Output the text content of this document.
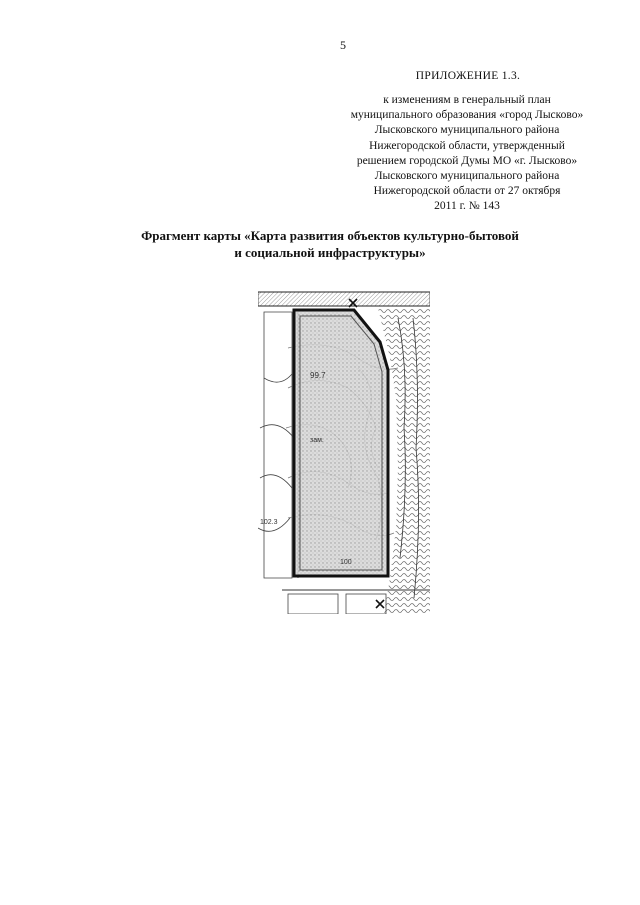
5
ПРИЛОЖЕНИЕ 1.3.
к изменениям в генеральный план
муниципального образования «город Лысково»
Лысковского муниципального района
Нижегородской области, утвержденный
решением городской Думы МО «г. Лысково»
Лысковского муниципального района
Нижегородской области от 27 октября
2011 г. № 143
Фрагмент карты «Карта развития объектов культурно-бытовой
и социальной инфраструктуры»
99.7
зам.
102.3
100
